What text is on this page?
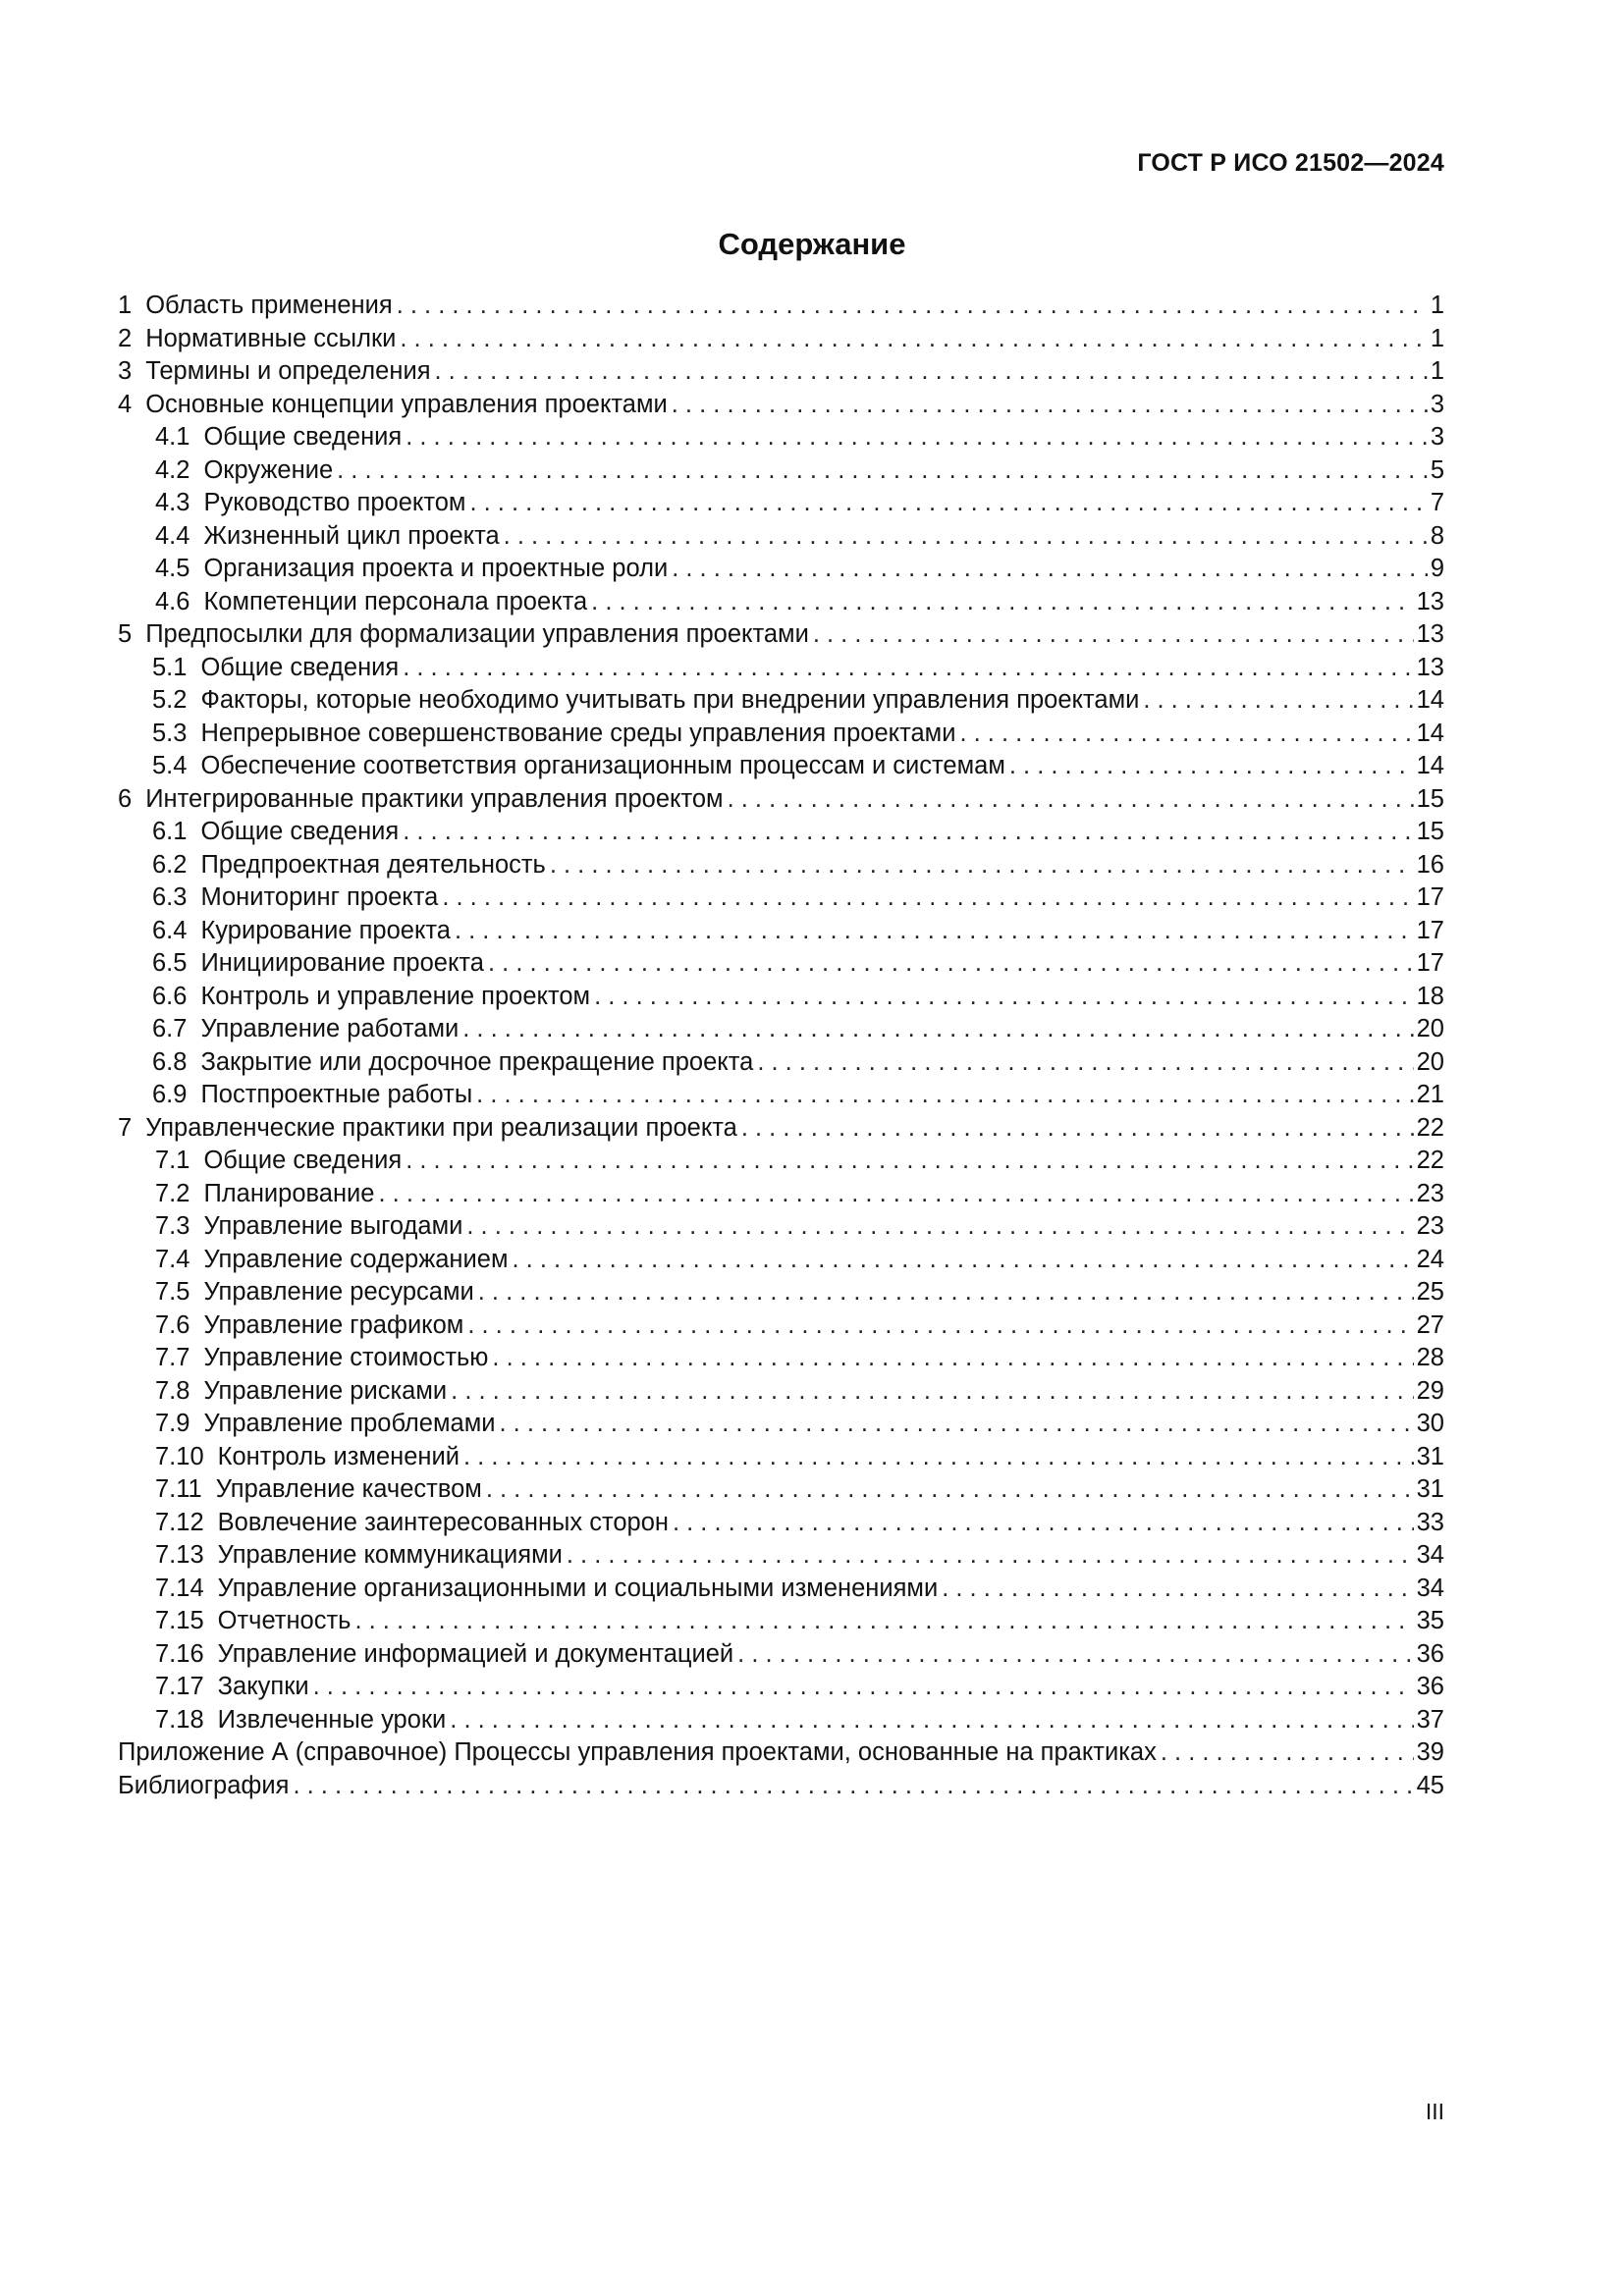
ГОСТ Р ИСО 21502—2024
Содержание
1 Область применения . . .	1
2 Нормативные ссылки . . .	1
3 Термины и определения . . .	1
4 Основные концепции управления проектами . . .	3
4.1 Общие сведения . . .	3
4.2 Окружение . . .	5
4.3 Руководство проектом . . .	7
4.4 Жизненный цикл проекта . . .	8
4.5 Организация проекта и проектные роли . . .	9
4.6 Компетенции персонала проекта . . .	13
5 Предпосылки для формализации управления проектами . . .	13
5.1 Общие сведения . . .	13
5.2 Факторы, которые необходимо учитывать при внедрении управления проектами . . .	14
5.3 Непрерывное совершенствование среды управления проектами . . .	14
5.4 Обеспечение соответствия организационным процессам и системам . . .	14
6 Интегрированные практики управления проектом . . .	15
6.1 Общие сведения . . .	15
6.2 Предпроектная деятельность . . .	16
6.3 Мониторинг проекта . . .	17
6.4 Курирование проекта . . .	17
6.5 Инициирование проекта . . .	17
6.6 Контроль и управление проектом . . .	18
6.7 Управление работами . . .	20
6.8 Закрытие или досрочное прекращение проекта . . .	20
6.9 Постпроектные работы . . .	21
7 Управленческие практики при реализации проекта . . .	22
7.1 Общие сведения . . .	22
7.2 Планирование . . .	23
7.3 Управление выгодами . . .	23
7.4 Управление содержанием . . .	24
7.5 Управление ресурсами . . .	25
7.6 Управление графиком . . .	27
7.7 Управление стоимостью . . .	28
7.8 Управление рисками . . .	29
7.9 Управление проблемами . . .	30
7.10 Контроль изменений . . .	31
7.11 Управление качеством . . .	31
7.12 Вовлечение заинтересованных сторон . . .	33
7.13 Управление коммуникациями . . .	34
7.14 Управление организационными и социальными изменениями . . .	34
7.15 Отчетность . . .	35
7.16 Управление информацией и документацией . . .	36
7.17 Закупки . . .	36
7.18 Извлеченные уроки . . .	37
Приложение А (справочное) Процессы управления проектами, основанные на практиках . . .	39
Библиография . . .	45
III
